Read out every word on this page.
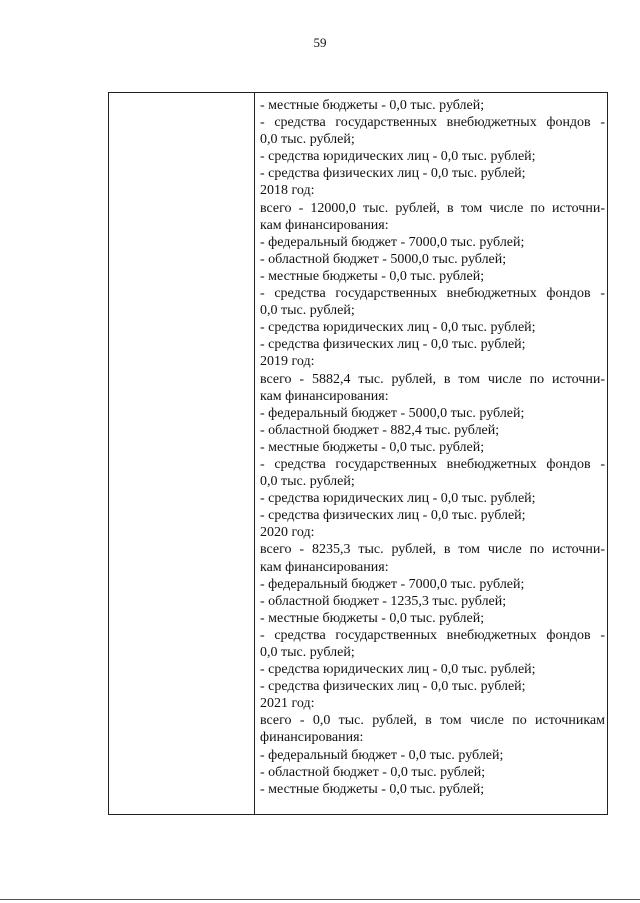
59
- местные бюджеты - 0,0 тыс. рублей;
- средства государственных внебюджетных фондов -
0,0 тыс. рублей;
- средства юридических лиц - 0,0 тыс. рублей;
- средства физических лиц - 0,0 тыс. рублей;
2018 год:
всего - 12000,0 тыс. рублей, в том числе по источни-
кам финансирования:
- федеральный бюджет - 7000,0 тыс. рублей;
- областной бюджет - 5000,0 тыс. рублей;
- местные бюджеты - 0,0 тыс. рублей;
- средства государственных внебюджетных фондов -
0,0 тыс. рублей;
- средства юридических лиц - 0,0 тыс. рублей;
- средства физических лиц - 0,0 тыс. рублей;
2019 год:
всего - 5882,4 тыс. рублей, в том числе по источни-
кам финансирования:
- федеральный бюджет - 5000,0 тыс. рублей;
- областной бюджет - 882,4 тыс. рублей;
- местные бюджеты - 0,0 тыс. рублей;
- средства государственных внебюджетных фондов -
0,0 тыс. рублей;
- средства юридических лиц - 0,0 тыс. рублей;
- средства физических лиц - 0,0 тыс. рублей;
2020 год:
всего - 8235,3 тыс. рублей, в том числе по источни-
кам финансирования:
- федеральный бюджет - 7000,0 тыс. рублей;
- областной бюджет - 1235,3 тыс. рублей;
- местные бюджеты - 0,0 тыс. рублей;
- средства государственных внебюджетных фондов -
0,0 тыс. рублей;
- средства юридических лиц - 0,0 тыс. рублей;
- средства физических лиц - 0,0 тыс. рублей;
2021 год:
всего - 0,0 тыс. рублей, в том числе по источникам
финансирования:
- федеральный бюджет - 0,0 тыс. рублей;
- областной бюджет - 0,0 тыс. рублей;
- местные бюджеты - 0,0 тыс. рублей;
